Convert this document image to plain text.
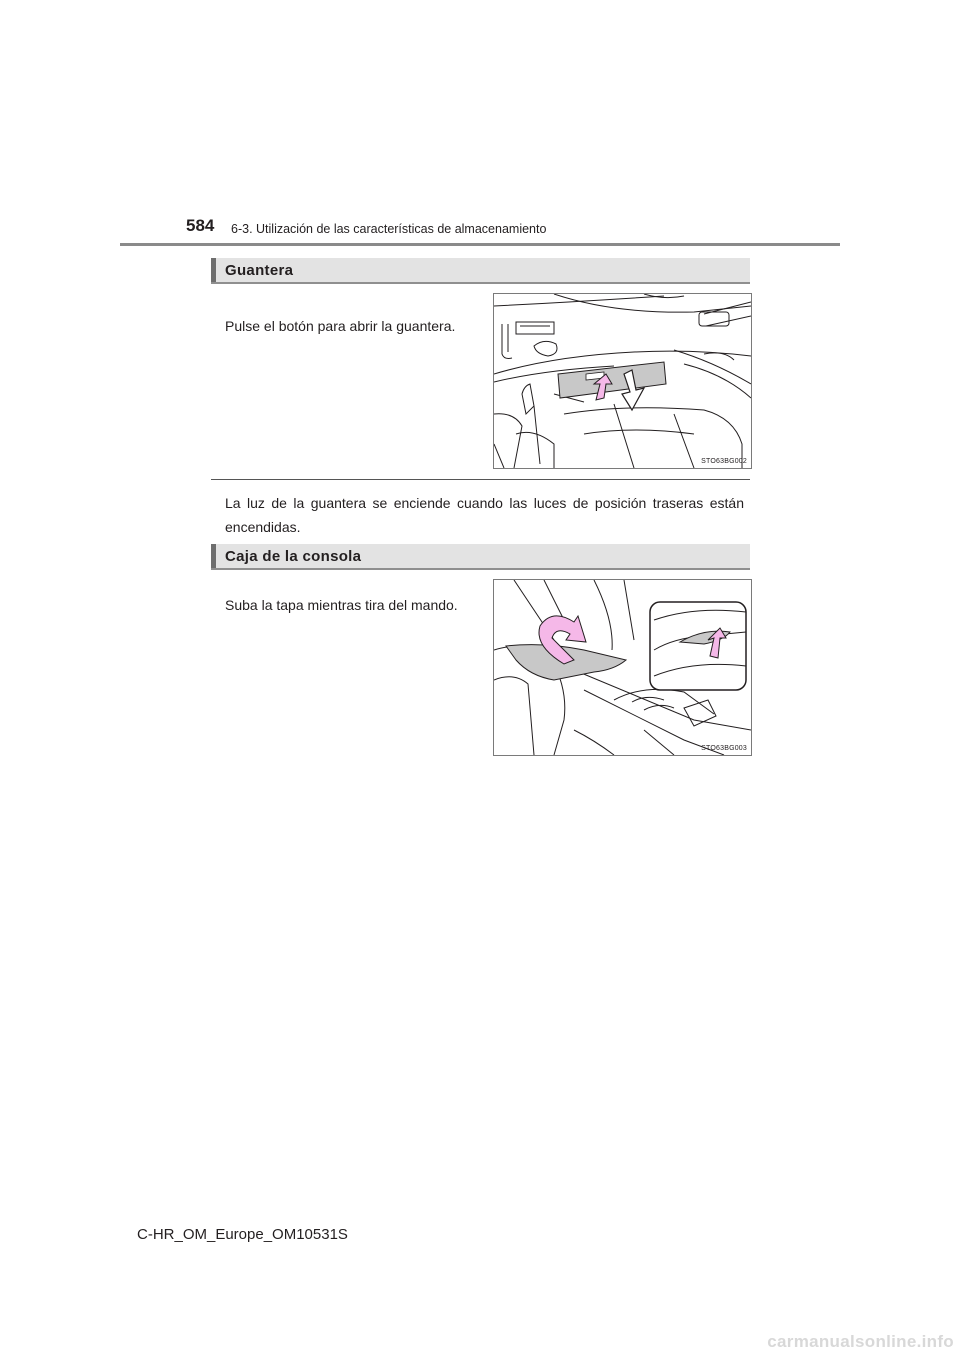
584 6-3. Utilización de las características de almacenamiento
Guantera
Pulse el botón para abrir la guantera.
STO63BG002
La luz de la guantera se enciende cuando las luces de posición traseras están encendidas.
Caja de la consola
Suba la tapa mientras tira del mando.
STO63BG003
C-HR_OM_Europe_OM10531S
carmanualsonline.info
